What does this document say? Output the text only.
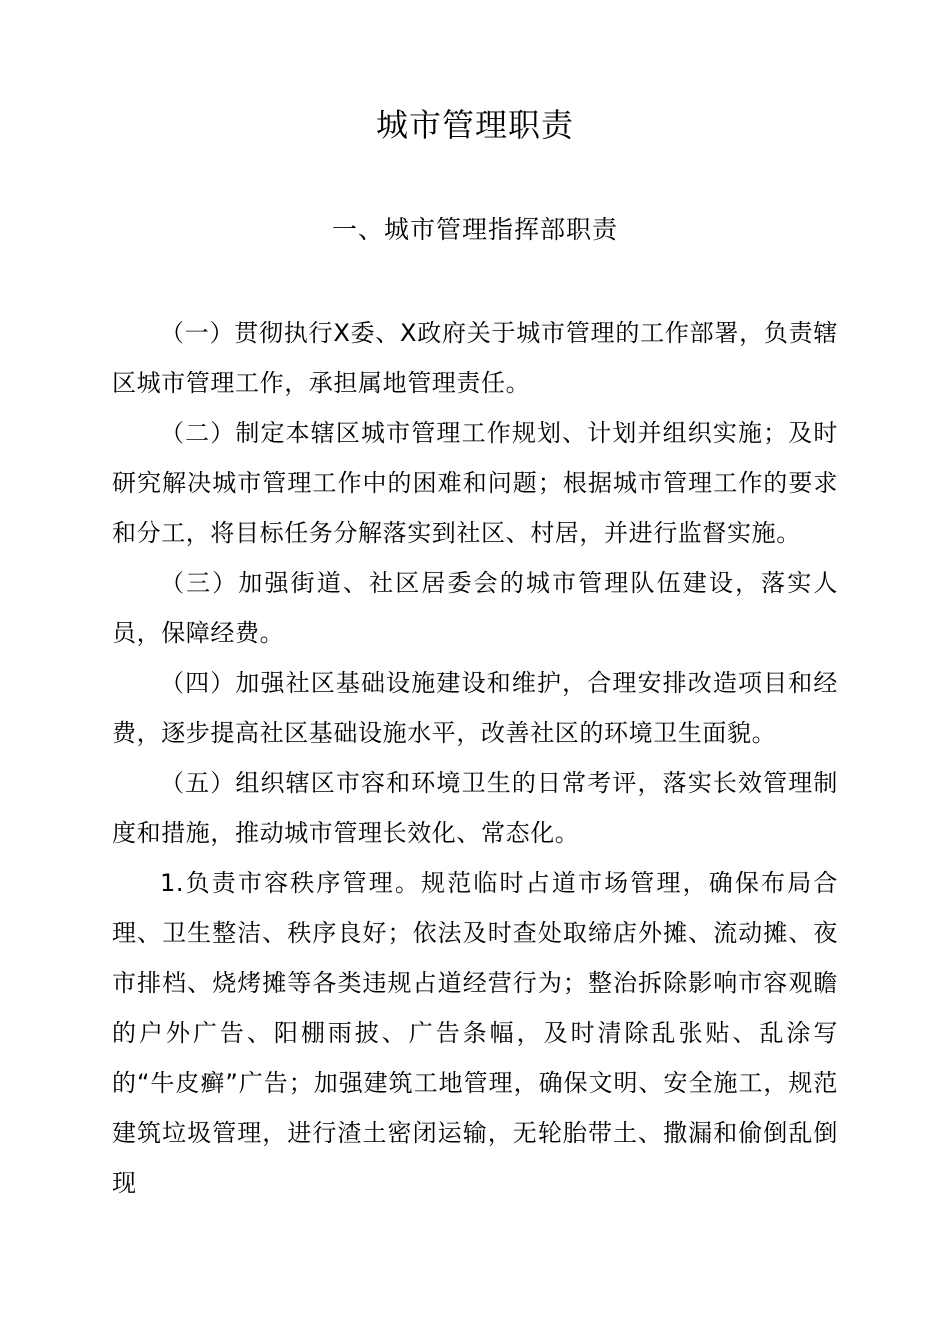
城市管理职责
一、城市管理指挥部职责

（一）贯彻执行X委、X政府关于城市管理的工作部署，负责辖区城市管理工作，承担属地管理责任。

（二）制定本辖区城市管理工作规划、计划并组织实施；及时研究解决城市管理工作中的困难和问题；根据城市管理工作的要求和分工，将目标任务分解落实到社区、村居，并进行监督实施。

（三）加强街道、社区居委会的城市管理队伍建设，落实人员，保障经费。

（四）加强社区基础设施建设和维护，合理安排改造项目和经费，逐步提高社区基础设施水平，改善社区的环境卫生面貌。

（五）组织辖区市容和环境卫生的日常考评，落实长效管理制度和措施，推动城市管理长效化、常态化。

1.负责市容秩序管理。规范临时占道市场管理，确保布局合理、卫生整洁、秩序良好；依法及时查处取缔店外摊、流动摊、夜市排档、烧烤摊等各类违规占道经营行为；整治拆除影响市容观瞻的户外广告、阳棚雨披、广告条幅，及时清除乱张贴、乱涂写的“牛皮癣”广告；加强建筑工地管理，确保文明、安全施工，规范建筑垃圾管理，进行渣土密闭运输，无轮胎带土、撒漏和偷倒乱倒现
